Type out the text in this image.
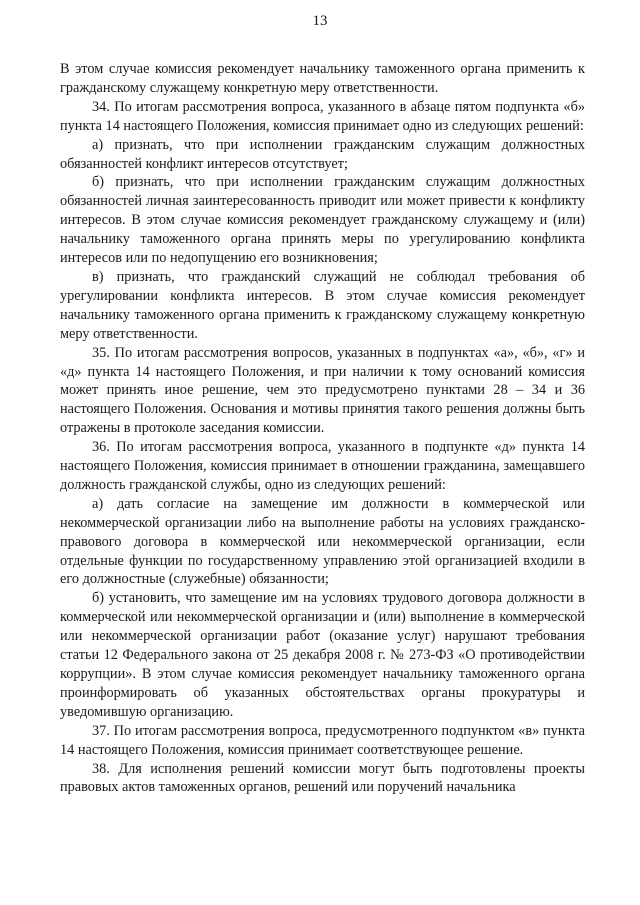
13

В этом случае комиссия рекомендует начальнику таможенного органа применить к гражданскому служащему конкретную меру ответственности.

34. По итогам рассмотрения вопроса, указанного в абзаце пятом подпункта «б» пункта 14 настоящего Положения, комиссия принимает одно из следующих решений:

а) признать, что при исполнении гражданским служащим должностных обязанностей конфликт интересов отсутствует;

б) признать, что при исполнении гражданским служащим должностных обязанностей личная заинтересованность приводит или может привести к конфликту интересов. В этом случае комиссия рекомендует гражданскому служащему и (или) начальнику таможенного органа принять меры по урегулированию конфликта интересов или по недопущению его возникновения;

в) признать, что гражданский служащий не соблюдал требования об урегулировании конфликта интересов. В этом случае комиссия рекомендует начальнику таможенного органа применить к гражданскому служащему конкретную меру ответственности.

35. По итогам рассмотрения вопросов, указанных в подпунктах «а», «б», «г» и «д» пункта 14 настоящего Положения, и при наличии к тому оснований комиссия может принять иное решение, чем это предусмотрено пунктами 28 – 34 и 36 настоящего Положения. Основания и мотивы принятия такого решения должны быть отражены в протоколе заседания комиссии.

36. По итогам рассмотрения вопроса, указанного в подпункте «д» пункта 14 настоящего Положения, комиссия принимает в отношении гражданина, замещавшего должность гражданской службы, одно из следующих решений:

а) дать согласие на замещение им должности в коммерческой или некоммерческой организации либо на выполнение работы на условиях гражданско-правового договора в коммерческой или некоммерческой организации, если отдельные функции по государственному управлению этой организацией входили в его должностные (служебные) обязанности;

б) установить, что замещение им на условиях трудового договора должности в коммерческой или некоммерческой организации и (или) выполнение в коммерческой или некоммерческой организации работ (оказание услуг) нарушают требования статьи 12 Федерального закона от 25 декабря 2008 г. № 273-ФЗ «О противодействии коррупции». В этом случае комиссия рекомендует начальнику таможенного органа проинформировать об указанных обстоятельствах органы прокуратуры и уведомившую организацию.

37. По итогам рассмотрения вопроса, предусмотренного подпунктом «в» пункта 14 настоящего Положения, комиссия принимает соответствующее решение.

38. Для исполнения решений комиссии могут быть подготовлены проекты правовых актов таможенных органов, решений или поручений начальника
